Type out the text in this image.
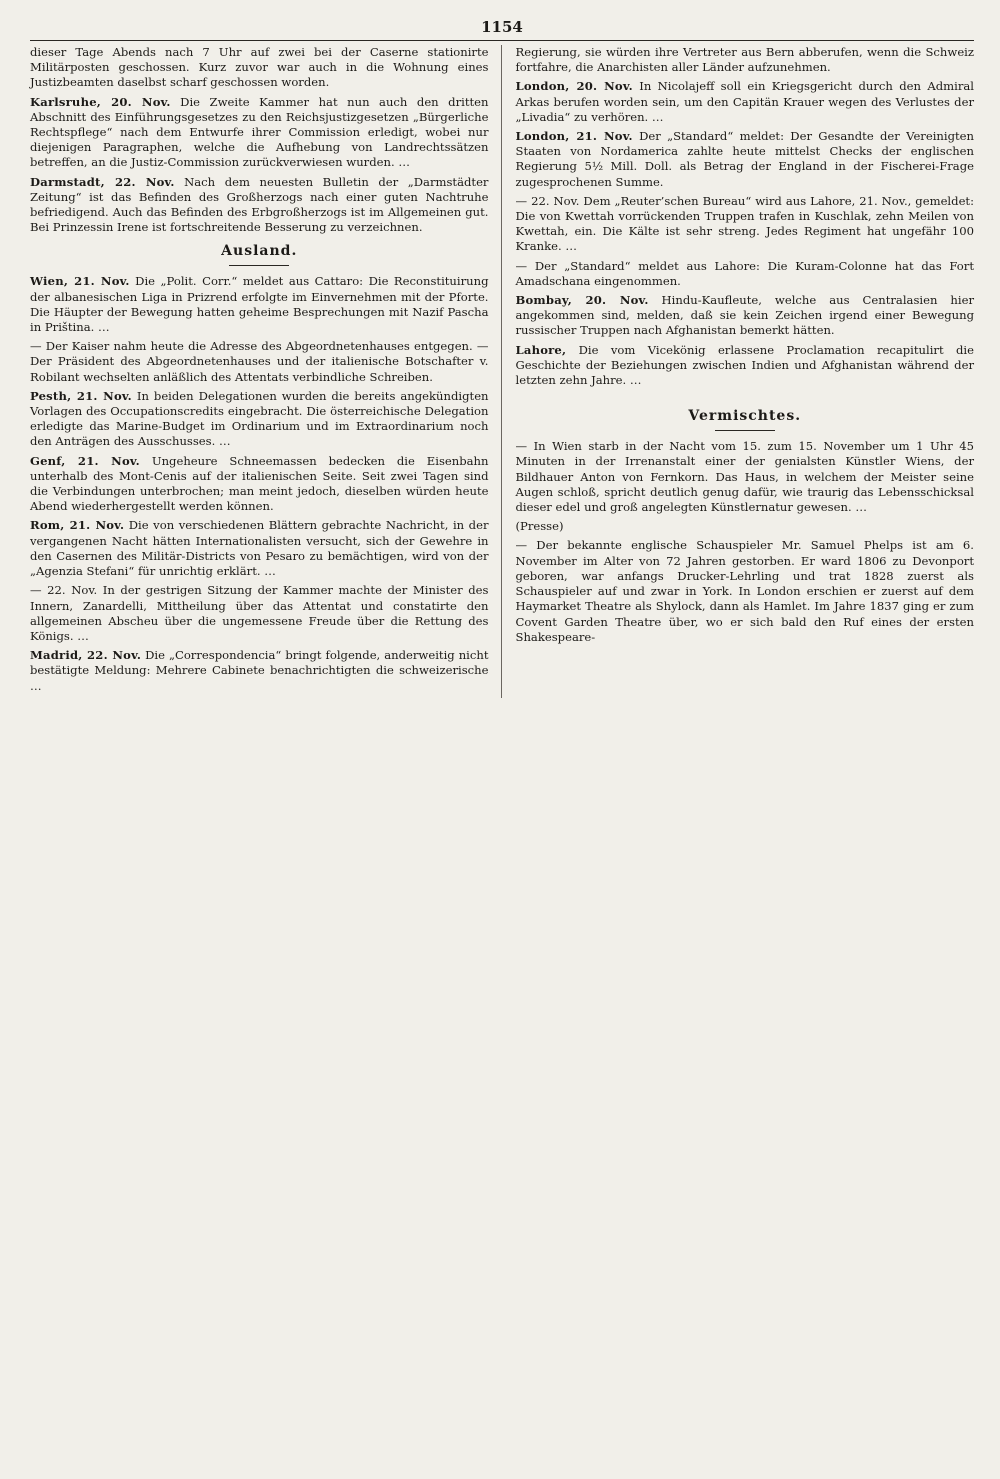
1154

dieser Tage Abends nach 7 Uhr auf zwei bei der Caserne stationirte Militärposten geschossen. Kurz zuvor war auch in die Wohnung eines Justizbeamten daselbst scharf geschossen worden.

Karlsruhe, 20. Nov. Die Zweite Kammer hat nun auch den dritten Abschnitt des Einführungsgesetzes zu den Reichsjustizgesetzen „Bürgerliche Rechtspflege“ nach dem Entwurfe ihrer Commission erledigt, wobei nur diejenigen Paragraphen, welche die Aufhebung von Landrechtssätzen betreffen, an die Justiz-Commission zurückverwiesen wurden. …

Darmstadt, 22. Nov. Nach dem neuesten Bulletin der „Darmstädter Zeitung“ ist das Befinden des Großherzogs nach einer guten Nachtruhe befriedigend. Auch das Befinden des Erbgroßherzogs ist im Allgemeinen gut. Bei Prinzessin Irene ist fortschreitende Besserung zu verzeichnen.

Ausland.

Wien, 21. Nov. Die „Polit. Corr.“ meldet aus Cattaro: Die Reconstituirung der albanesischen Liga in Prizrend erfolgte im Einvernehmen mit der Pforte. Die Häupter der Bewegung hatten geheime Besprechungen mit Nazif Pascha in Priština. …

— Der Kaiser nahm heute die Adresse des Abgeordnetenhauses entgegen. — Der Präsident des Abgeordnetenhauses und der italienische Botschafter v. Robilant wechselten anläßlich des Attentats verbindliche Schreiben.

Pesth, 21. Nov. In beiden Delegationen wurden die bereits angekündigten Vorlagen des Occupationscredits eingebracht. Die österreichische Delegation erledigte das Marine-Budget im Ordinarium und im Extraordinarium noch den Anträgen des Ausschusses. …

Genf, 21. Nov. Ungeheure Schneemassen bedecken die Eisenbahn unterhalb des Mont-Cenis auf der italienischen Seite. Seit zwei Tagen sind die Verbindungen unterbrochen; man meint jedoch, dieselben würden heute Abend wiederhergestellt werden können.

Rom, 21. Nov. Die von verschiedenen Blättern gebrachte Nachricht, in der vergangenen Nacht hätten Internationalisten versucht, sich der Gewehre in den Casernen des Militär-Districts von Pesaro zu bemächtigen, wird von der „Agenzia Stefani“ für unrichtig erklärt. …

— 22. Nov. In der gestrigen Sitzung der Kammer machte der Minister des Innern, Zanardelli, Mittheilung über das Attentat und constatirte den allgemeinen Abscheu über die ungemessene Freude über die Rettung des Königs. …

Madrid, 22. Nov. Die „Correspondencia“ bringt folgende, anderweitig nicht bestätigte Meldung: Mehrere Cabinete benachrichtigten die schweizerische …

Regierung, sie würden ihre Vertreter aus Bern abberufen, wenn die Schweiz fortfahre, die Anarchisten aller Länder aufzunehmen.

London, 20. Nov. In Nicolajeff soll ein Kriegsgericht durch den Admiral Arkas berufen worden sein, um den Capitän Krauer wegen des Verlustes der „Livadia“ zu verhören. …

London, 21. Nov. Der „Standard“ meldet: Der Gesandte der Vereinigten Staaten von Nordamerica zahlte heute mittelst Checks der englischen Regierung 5½ Mill. Doll. als Betrag der England in der Fischerei-Frage zugesprochenen Summe.

— 22. Nov. Dem „Reuter’schen Bureau“ wird aus Lahore, 21. Nov., gemeldet: Die von Kwettah vorrückenden Truppen trafen in Kuschlak, zehn Meilen von Kwettah, ein. Die Kälte ist sehr streng. Jedes Regiment hat ungefähr 100 Kranke. …

— Der „Standard“ meldet aus Lahore: Die Kuram-Colonne hat das Fort Amadschana eingenommen.

Bombay, 20. Nov. Hindu-Kaufleute, welche aus Centralasien hier angekommen sind, melden, daß sie kein Zeichen irgend einer Bewegung russischer Truppen nach Afghanistan bemerkt hätten.

Lahore, Die vom Vicekönig erlassene Proclamation recapitulirt die Geschichte der Beziehungen zwischen Indien und Afghanistan während der letzten zehn Jahre. …

Vermischtes.

— In Wien starb in der Nacht vom 15. zum 15. November um 1 Uhr 45 Minuten in der Irrenanstalt einer der genialsten Künstler Wiens, der Bildhauer Anton von Fernkorn. Das Haus, in welchem der Meister seine Augen schloß, spricht deutlich genug dafür, wie traurig das Lebensschicksal dieser edel und groß angelegten Künstlernatur gewesen. …

(Presse)

— Der bekannte englische Schauspieler Mr. Samuel Phelps ist am 6. November im Alter von 72 Jahren gestorben. Er ward 1806 zu Devonport geboren, war anfangs Drucker-Lehrling und trat 1828 zuerst als Schauspieler auf und zwar in York. In London erschien er zuerst auf dem Haymarket Theatre als Shylock, dann als Hamlet. Im Jahre 1837 ging er zum Covent Garden Theatre über, wo er sich bald den Ruf eines der ersten Shakespeare-
